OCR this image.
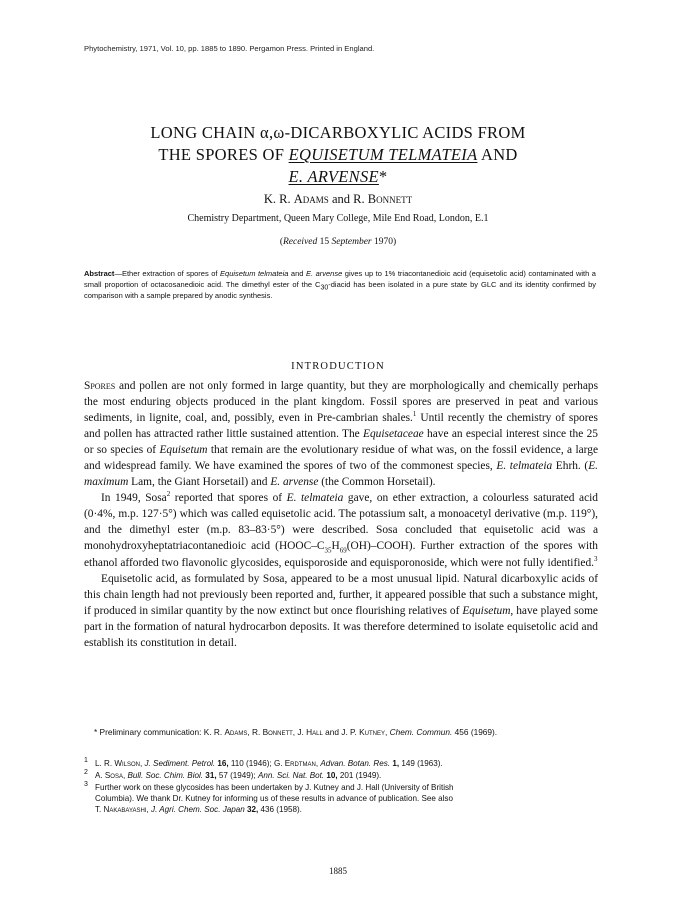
Phytochemistry, 1971, Vol. 10, pp. 1885 to 1890. Pergamon Press. Printed in England.
LONG CHAIN α,ω-DICARBOXYLIC ACIDS FROM
THE SPORES OF EQUISETUM TELMATEIA AND
E. ARVENSE*
K. R. Adams and R. Bonnett
Chemistry Department, Queen Mary College, Mile End Road, London, E.1
(Received 15 September 1970)
Abstract—Ether extraction of spores of Equisetum telmateia and E. arvense gives up to 1% triacontanedioic acid (equisetolic acid) contaminated with a small proportion of octacosanedioic acid. The dimethyl ester of the $C_{30}$-diacid has been isolated in a pure state by GLC and its identity confirmed by comparison with a sample prepared by anodic synthesis.
INTRODUCTION

Spores and pollen are not only formed in large quantity, but they are morphologically and chemically perhaps the most enduring objects produced in the plant kingdom. Fossil spores are preserved in peat and various sediments, in lignite, coal, and, possibly, even in Pre-cambrian shales.$^1$ Until recently the chemistry of spores and pollen has attracted rather little sustained attention. The Equisetaceae have an especial interest since the 25 or so species of Equisetum that remain are the evolutionary residue of what was, on the fossil evidence, a large and widespread family. We have examined the spores of two of the commonest species, E. telmateia Ehrh. (E. maximum Lam, the Giant Horsetail) and E. arvense (the Common Horsetail).

In 1949, Sosa$^2$ reported that spores of E. telmateia gave, on ether extraction, a colourless saturated acid (0·4%, m.p. 127·5°) which was called equisetolic acid. The potassium salt, a monoacetyl derivative (m.p. 119°), and the dimethyl ester (m.p. 83–83·5°) were described. Sosa concluded that equisetolic acid was a monohydroxyheptatriacontanedioic acid $(HOOC-C_{35}H_{69}(OH)-COOH)$. Further extraction of the spores with ethanol afforded two flavonolic glycosides, equisporoside and equisporonoside, which were not fully identified.$^3$

Equisetolic acid, as formulated by Sosa, appeared to be a most unusual lipid. Natural dicarboxylic acids of this chain length had not previously been reported and, further, it appeared possible that such a substance might, if produced in similar quantity by the now extinct but once flourishing relatives of Equisetum, have played some part in the formation of natural hydrocarbon deposits. It was therefore determined to isolate equisetolic acid and establish its constitution in detail.

* Preliminary communication: K. R. Adams, R. Bonnett, J. Hall and J. P. Kutney, Chem. Commun. 456 (1969).
$^1$ L. R. Wilson, J. Sediment. Petrol. 16, 110 (1946); G. Erdtman, Advan. Botan. Res. 1, 149 (1963).
$^2$ A. Sosa, Bull. Soc. Chim. Biol. 31, 57 (1949); Ann. Sci. Nat. Bot. 10, 201 (1949).
$^3$ Further work on these glycosides has been undertaken by J. Kutney and J. Hall (University of British
Columbia). We thank Dr. Kutney for informing us of these results in advance of publication. See also
T. Nakabayashi, J. Agri. Chem. Soc. Japan 32, 436 (1958).
1885
